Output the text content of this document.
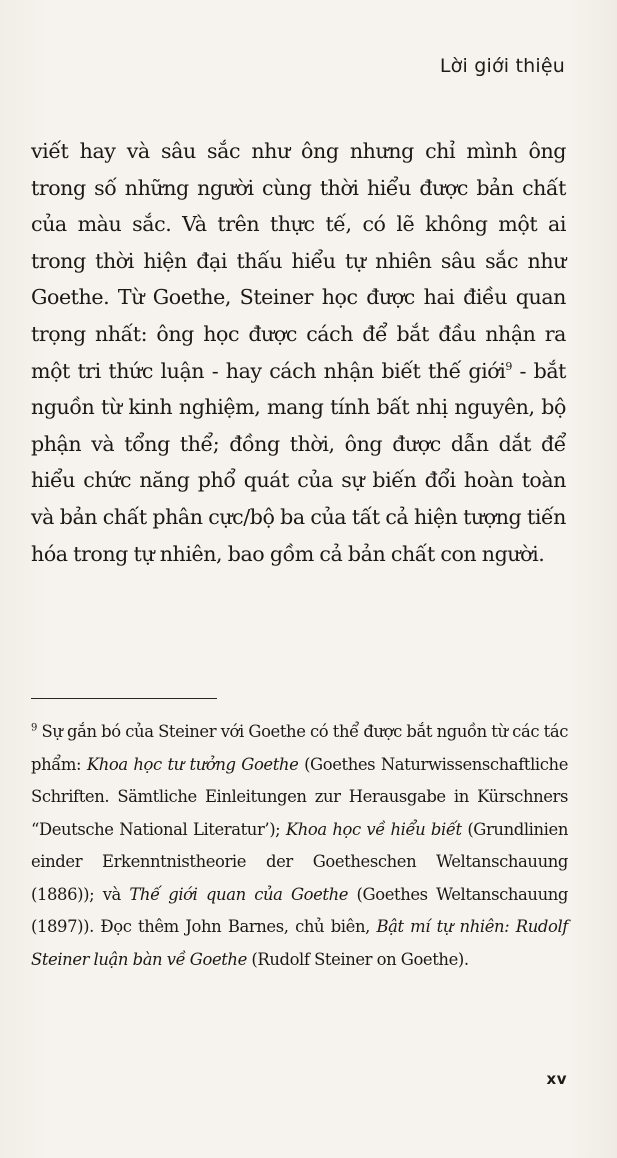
Lời giới thiệu

viết hay và sâu sắc như ông nhưng chỉ mình ông trong số những người cùng thời hiểu được bản chất của màu sắc. Và trên thực tế, có lẽ không một ai trong thời hiện đại thấu hiểu tự nhiên sâu sắc như Goethe. Từ Goethe, Steiner học được hai điều quan trọng nhất: ông học được cách để bắt đầu nhận ra một tri thức luận - hay cách nhận biết thế giới$^9$ - bắt nguồn từ kinh nghiệm, mang tính bất nhị nguyên, bộ phận và tổng thể; đồng thời, ông được dẫn dắt để hiểu chức năng phổ quát của sự biến đổi hoàn toàn và bản chất phân cực/bộ ba của tất cả hiện tượng tiến hóa trong tự nhiên, bao gồm cả bản chất con người.

$^9$ Sự gắn bó của Steiner với Goethe có thể được bắt nguồn từ các tác phẩm: Khoa học tư tưởng Goethe (Goethes Naturwissenschaftliche Schriften. Sämtliche Einleitungen zur Herausgabe in Kürschners “Deutsche National Literatur’); Khoa học về hiểu biết (Grundlinien einder Erkenntnistheorie der Goetheschen Weltanschauung (1886)); và Thế giới quan của Goethe (Goethes Weltanschauung (1897)). Đọc thêm John Barnes, chủ biên, Bật mí tự nhiên: Rudolf Steiner luận bàn về Goethe (Rudolf Steiner on Goethe).
xv
